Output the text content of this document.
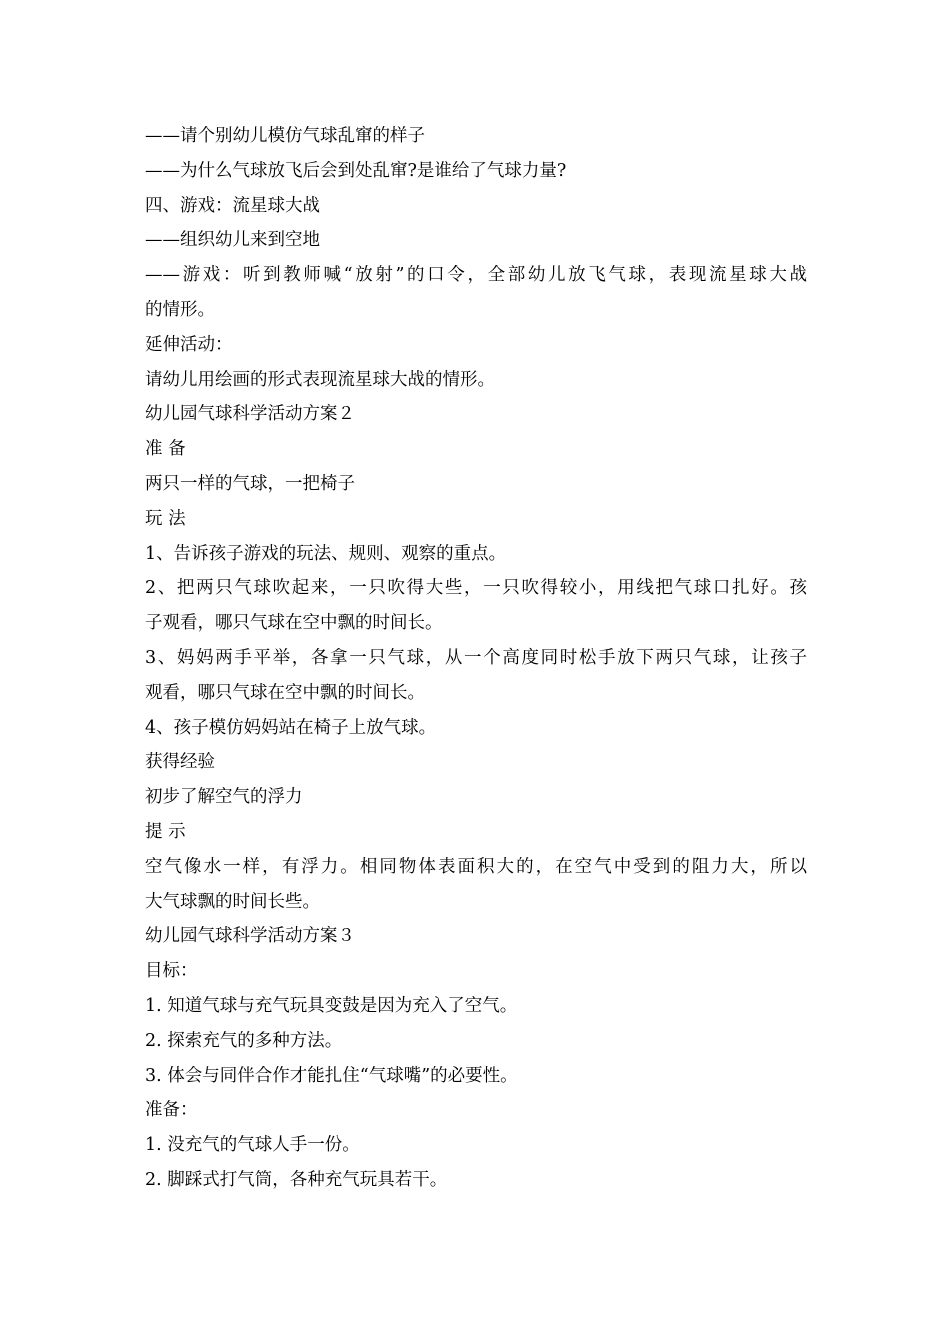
——请个别幼儿模仿气球乱窜的样子
——为什么气球放飞后会到处乱窜?是谁给了气球力量?
四、游戏：流星球大战
——组织幼儿来到空地
——游戏：听到教师喊“放射”的口令，全部幼儿放飞气球，表现流星球大战
的情形。
延伸活动：
请幼儿用绘画的形式表现流星球大战的情形。
幼儿园气球科学活动方案２
准 备
两只一样的气球，一把椅子
玩 法
1、告诉孩子游戏的玩法、规则、观察的重点。
2、把两只气球吹起来，一只吹得大些，一只吹得较小，用线把气球口扎好。孩
子观看，哪只气球在空中飘的时间长。
3、妈妈两手平举，各拿一只气球，从一个高度同时松手放下两只气球，让孩子
观看，哪只气球在空中飘的时间长。
4、孩子模仿妈妈站在椅子上放气球。
获得经验
初步了解空气的浮力
提 示
空气像水一样，有浮力。相同物体表面积大的，在空气中受到的阻力大，所以
大气球飘的时间长些。
幼儿园气球科学活动方案３
目标：
1. 知道气球与充气玩具变鼓是因为充入了空气。
2. 探索充气的多种方法。
3. 体会与同伴合作才能扎住“气球嘴”的必要性。
准备：
1. 没充气的气球人手一份。
2. 脚踩式打气筒，各种充气玩具若干。
